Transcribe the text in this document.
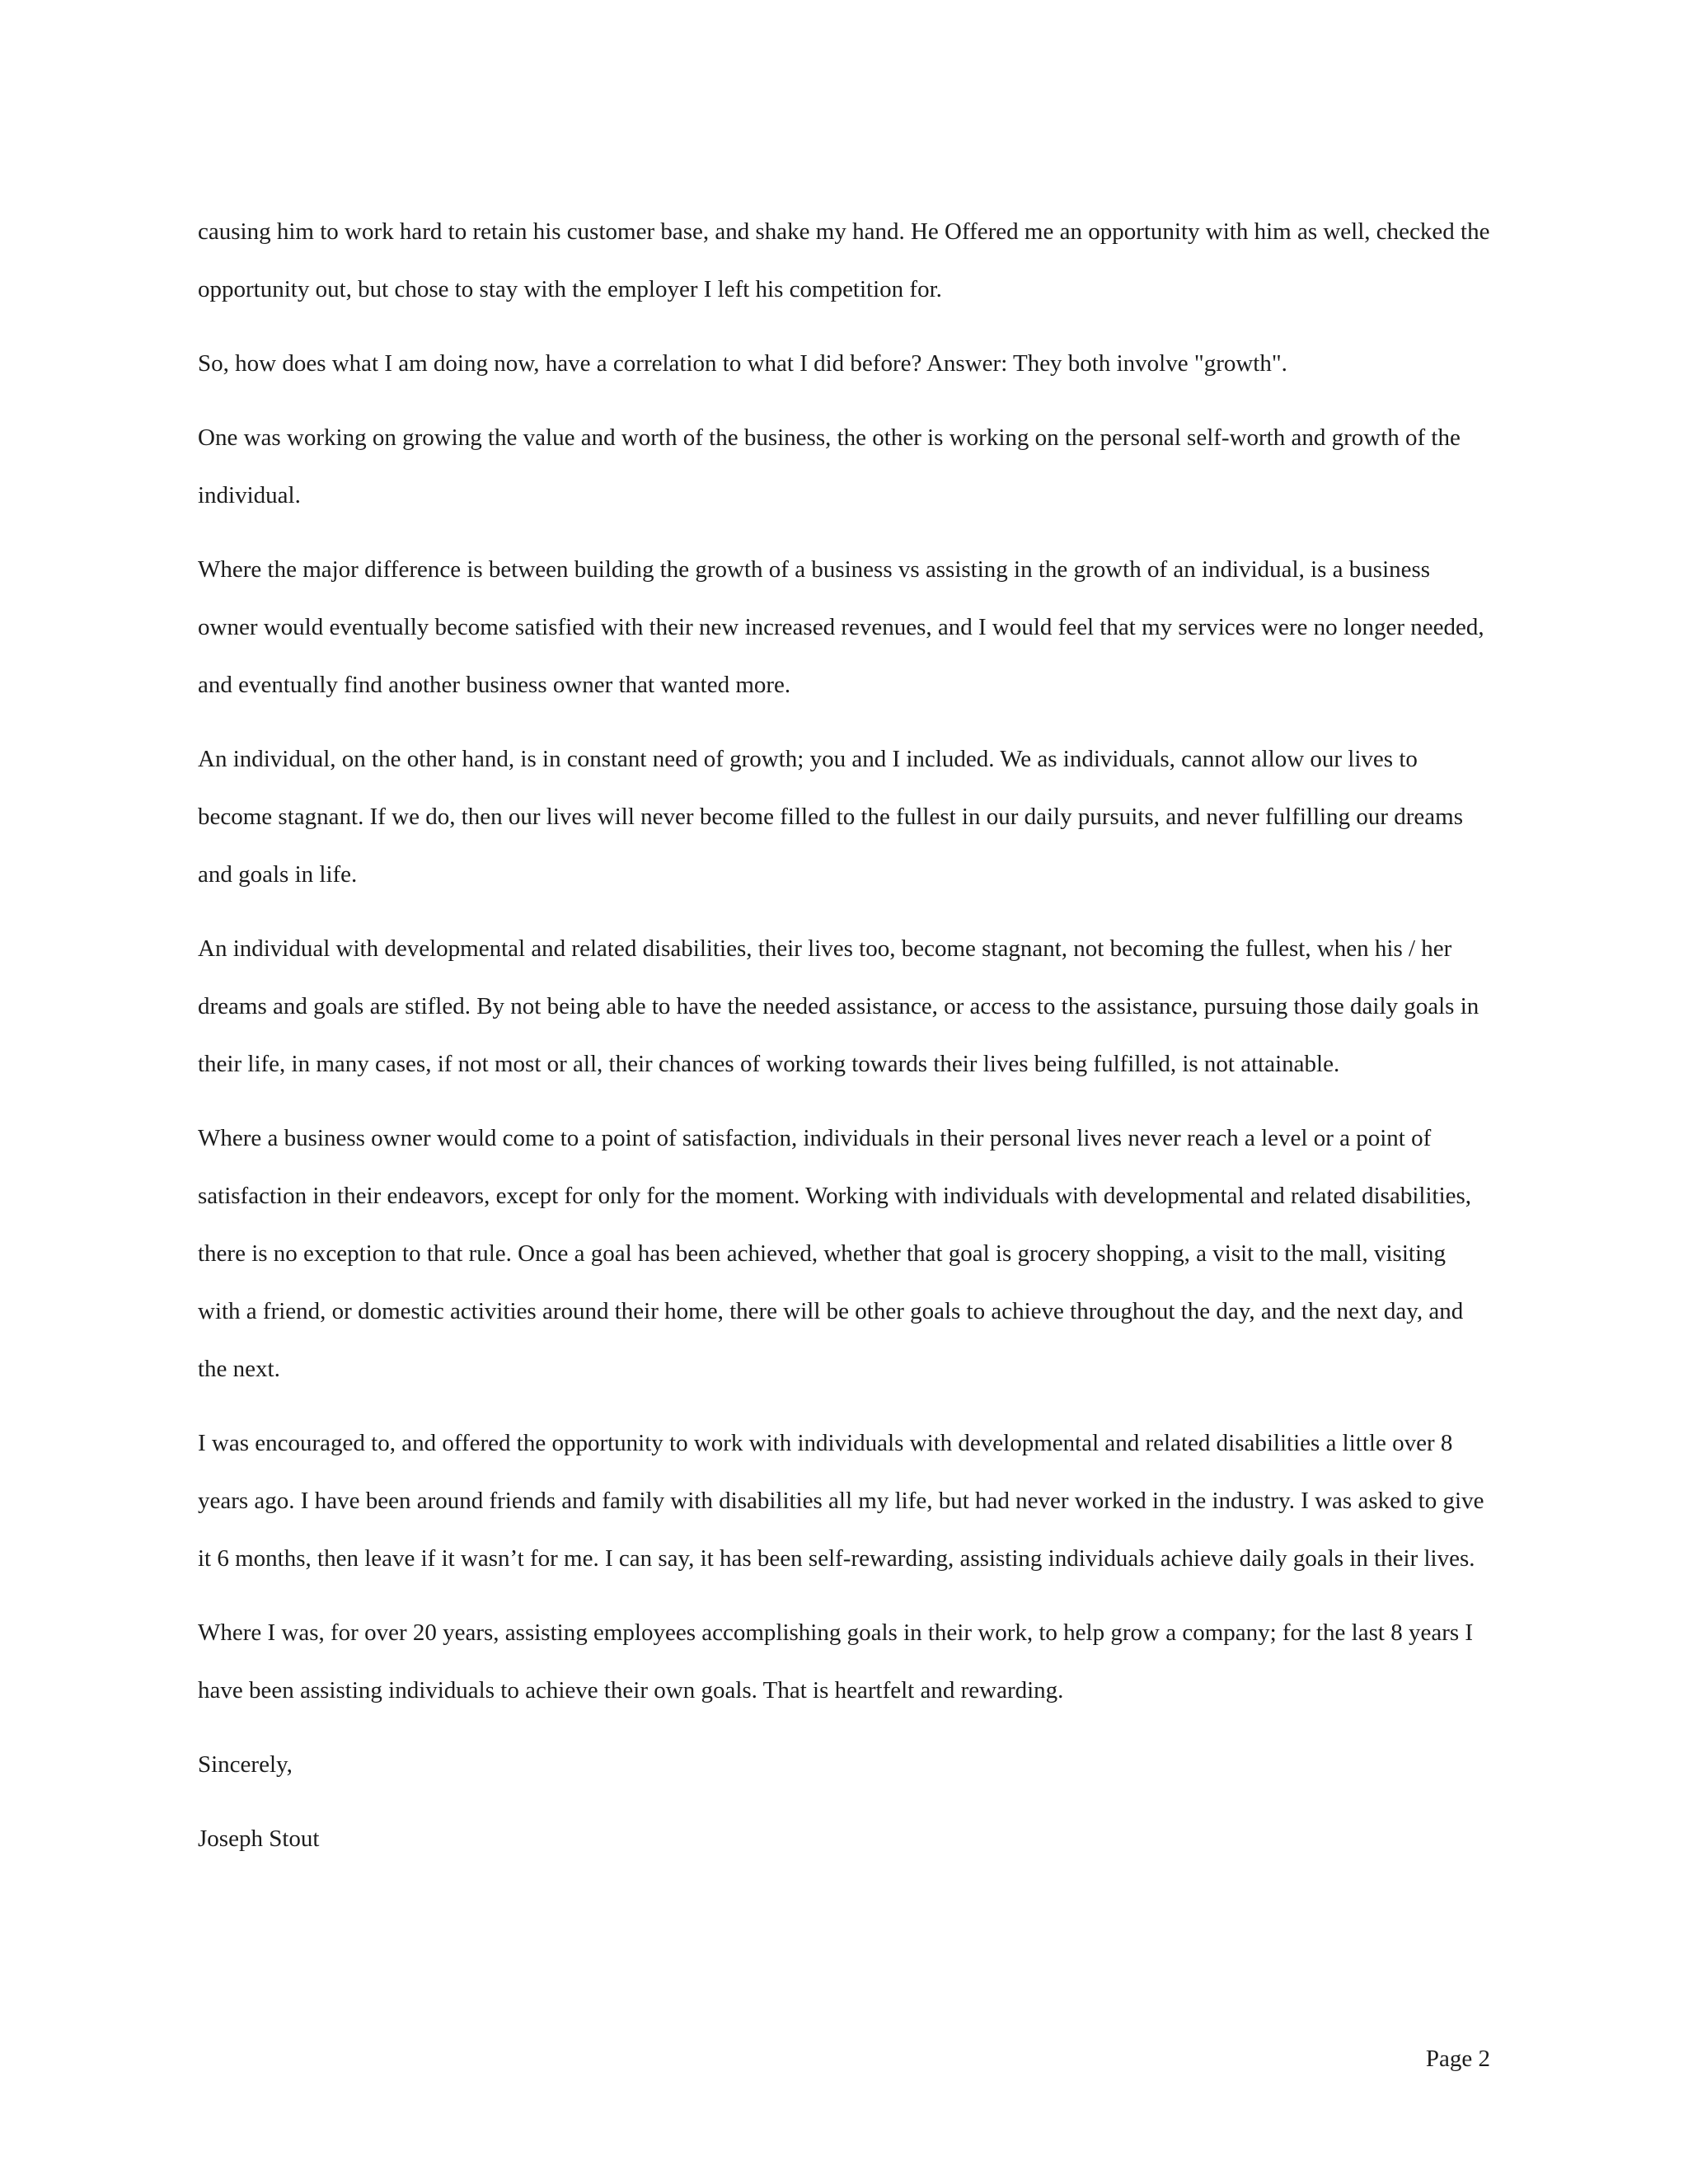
causing him to work hard to retain his customer base, and shake my hand. He Offered me an opportunity with him as well, checked the opportunity out, but chose to stay with the employer I left his competition for.

So, how does what I am doing now, have a correlation to what I did before? Answer: They both involve "growth".

One was working on growing the value and worth of the business, the other is working on the personal self-worth and growth of the individual.

Where the major difference is between building the growth of a business vs assisting in the growth of an individual, is a business owner would eventually become satisfied with their new increased revenues, and I would feel that my services were no longer needed, and eventually find another business owner that wanted more.

An individual, on the other hand, is in constant need of growth; you and I included. We as individuals, cannot allow our lives to become stagnant. If we do, then our lives will never become filled to the fullest in our daily pursuits, and never fulfilling our dreams and goals in life.

An individual with developmental and related disabilities, their lives too, become stagnant, not becoming the fullest, when his / her dreams and goals are stifled. By not being able to have the needed assistance, or access to the assistance, pursuing those daily goals in their life, in many cases, if not most or all, their chances of working towards their lives being fulfilled, is not attainable.

Where a business owner would come to a point of satisfaction, individuals in their personal lives never reach a level or a point of satisfaction in their endeavors, except for only for the moment. Working with individuals with developmental and related disabilities, there is no exception to that rule. Once a goal has been achieved, whether that goal is grocery shopping, a visit to the mall, visiting with a friend, or domestic activities around their home, there will be other goals to achieve throughout the day, and the next day, and the next.

I was encouraged to, and offered the opportunity to work with individuals with developmental and related disabilities a little over 8 years ago. I have been around friends and family with disabilities all my life, but had never worked in the industry. I was asked to give it 6 months, then leave if it wasn’t for me. I can say, it has been self-rewarding, assisting individuals achieve daily goals in their lives.

Where I was, for over 20 years, assisting employees accomplishing goals in their work, to help grow a company; for the last 8 years I have been assisting individuals to achieve their own goals. That is heartfelt and rewarding.

Sincerely,

Joseph Stout

Page 2
